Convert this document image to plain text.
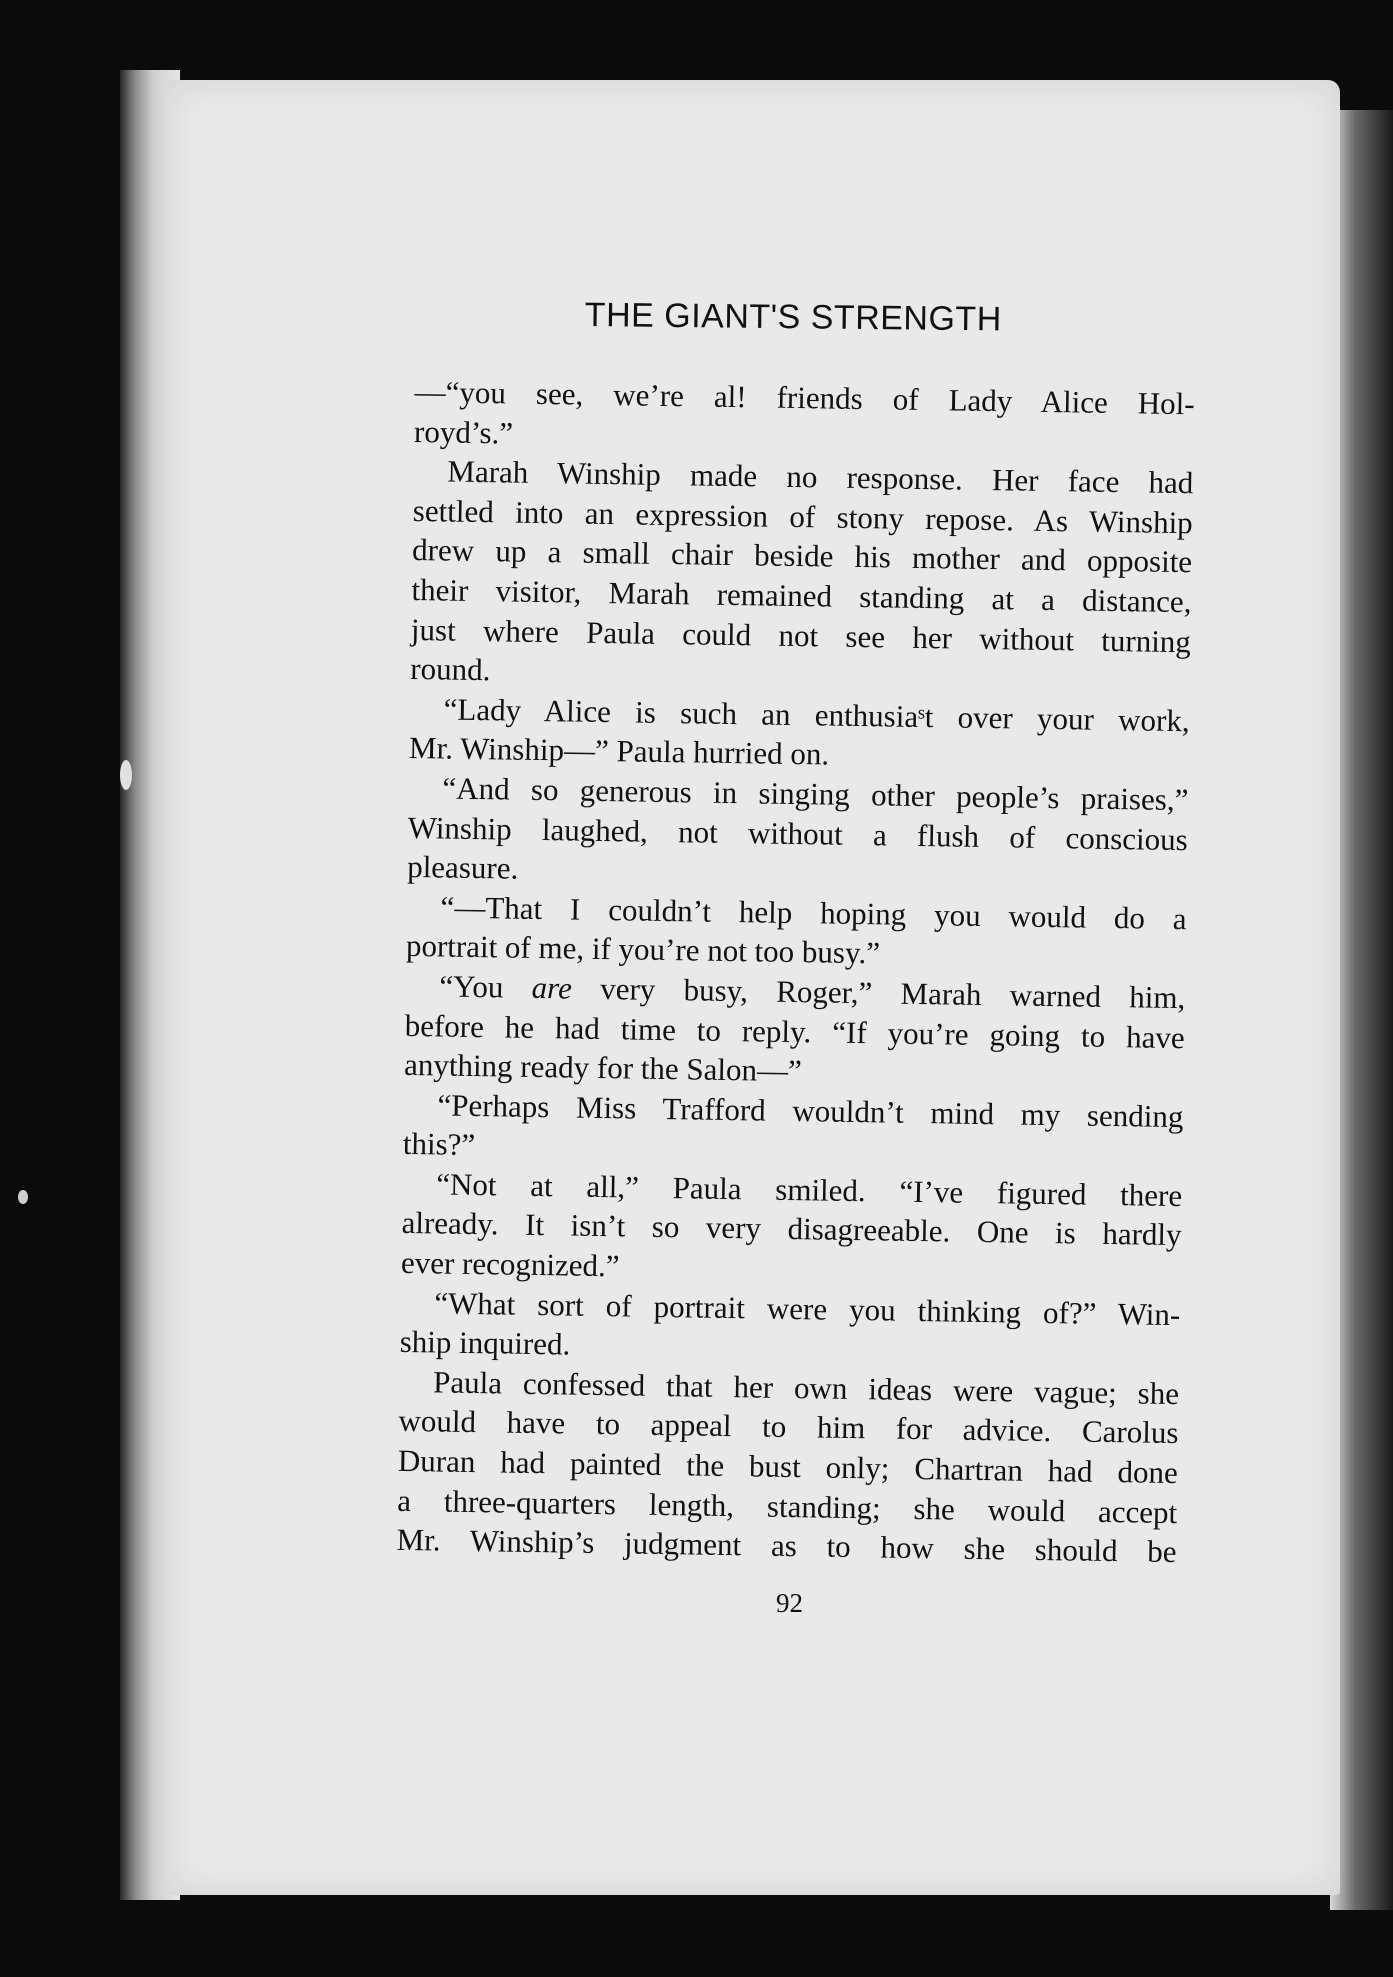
THE GIANT'S STRENGTH
—“you see, we’re al! friends of Lady Alice Hol-
royd’s.”
Marah Winship made no response. Her face had
settled into an expression of stony repose. As Winship
drew up a small chair beside his mother and opposite
their visitor, Marah remained standing at a distance,
just where Paula could not see her without turning
round.
“Lady Alice is such an enthusiaˢt over your work,
Mr. Winship—” Paula hurried on.
“And so generous in singing other people’s praises,”
Winship laughed, not without a flush of conscious
pleasure.
“—That I couldn’t help hoping you would do a
portrait of me, if you’re not too busy.”
“You are very busy, Roger,” Marah warned him,
before he had time to reply. “If you’re going to have
anything ready for the Salon—”
“Perhaps Miss Trafford wouldn’t mind my sending
this?”
“Not at all,” Paula smiled. “I’ve figured there
already. It isn’t so very disagreeable. One is hardly
ever recognized.”
“What sort of portrait were you thinking of?” Win-
ship inquired.
Paula confessed that her own ideas were vague; she
would have to appeal to him for advice. Carolus
Duran had painted the bust only; Chartran had done
a three-quarters length, standing; she would accept
Mr. Winship’s judgment as to how she should be
92
